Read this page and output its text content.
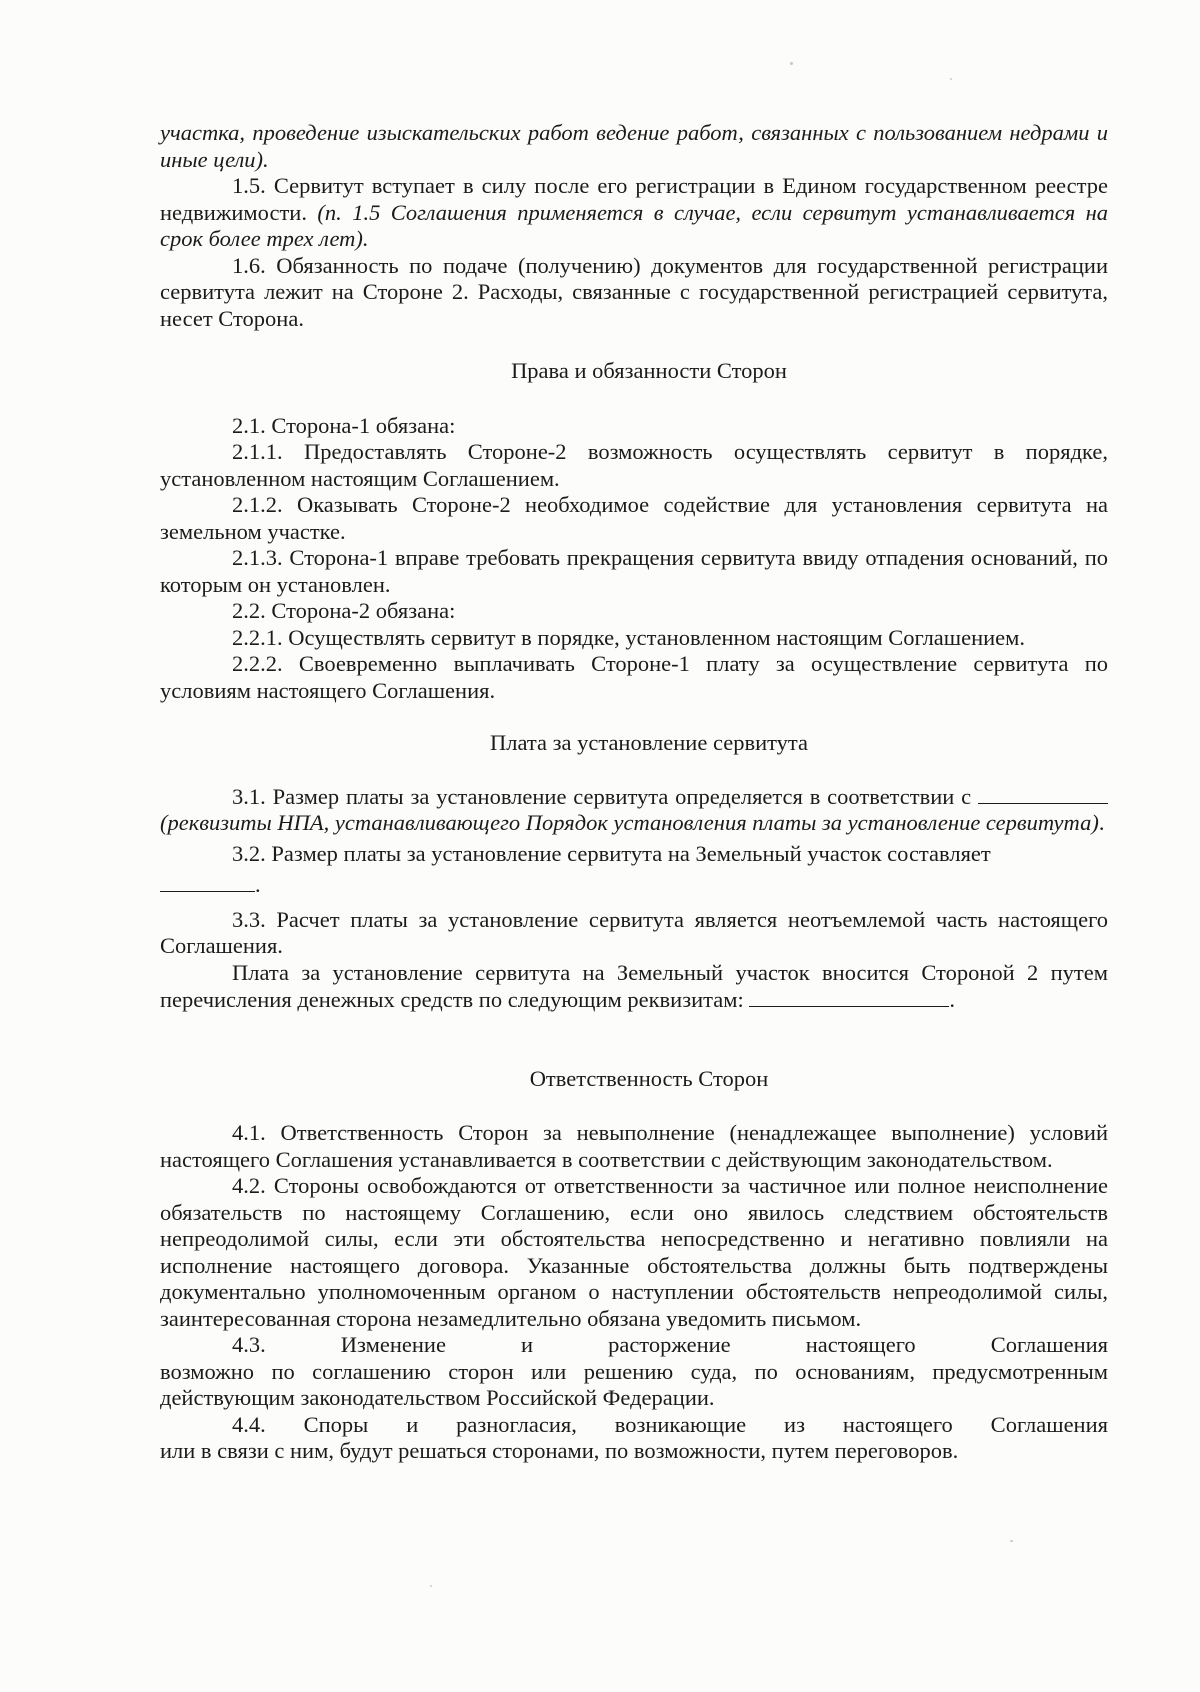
участка, проведение изыскательских работ ведение работ, связанных с пользованием недрами и иные цели).

1.5. Сервитут вступает в силу после его регистрации в Едином государственном реестре недвижимости. (п. 1.5 Соглашения применяется в случае, если сервитут устанавливается на срок более трех лет).

1.6. Обязанность по подаче (получению) документов для государственной регистрации сервитута лежит на Стороне 2. Расходы, связанные с государственной регистрацией сервитута, несет Сторона.

Права и обязанности Сторон

2.1. Сторона-1 обязана:

2.1.1. Предоставлять Стороне-2 возможность осуществлять сервитут в порядке, установленном настоящим Соглашением.

2.1.2. Оказывать Стороне-2 необходимое содействие для установления сервитута на земельном участке.

2.1.3. Сторона-1 вправе требовать прекращения сервитута ввиду отпадения оснований, по которым он установлен.

2.2. Сторона-2 обязана:

2.2.1. Осуществлять сервитут в порядке, установленном настоящим Соглашением.

2.2.2. Своевременно выплачивать Стороне-1 плату за осуществление сервитута по условиям настоящего Соглашения.

Плата за установление сервитута

3.1. Размер платы за установление сервитута определяется в соответствии с (реквизиты НПА, устанавливающего Порядок установления платы за установление сервитута).

3.2. Размер платы за установление сервитута на Земельный участок составляет
.

3.3. Расчет платы за установление сервитута является неотъемлемой часть настоящего Соглашения.

Плата за установление сервитута на Земельный участок вносится Стороной 2 путем перечисления денежных средств по следующим реквизитам:	.

Ответственность Сторон

4.1. Ответственность Сторон за невыполнение (ненадлежащее выполнение) условий настоящего Соглашения устанавливается в соответствии с действующим законодательством.

4.2. Стороны освобождаются от ответственности за частичное или полное неисполнение обязательств по настоящему Соглашению, если оно явилось следствием обстоятельств непреодолимой силы, если эти обстоятельства непосредственно и негативно повлияли на исполнение настоящего договора. Указанные обстоятельства должны быть подтверждены документально уполномоченным органом о наступлении обстоятельств непреодолимой силы, заинтересованная сторона незамедлительно обязана уведомить письмом.

4.3. Изменение и расторжение настоящего Соглашения возможно по соглашению сторон или решению суда, по основаниям, предусмотренным действующим законодательством Российской Федерации.

4.4. Споры и разногласия, возникающие из настоящего Соглашения или в связи с ним, будут решаться сторонами, по возможности, путем переговоров.
